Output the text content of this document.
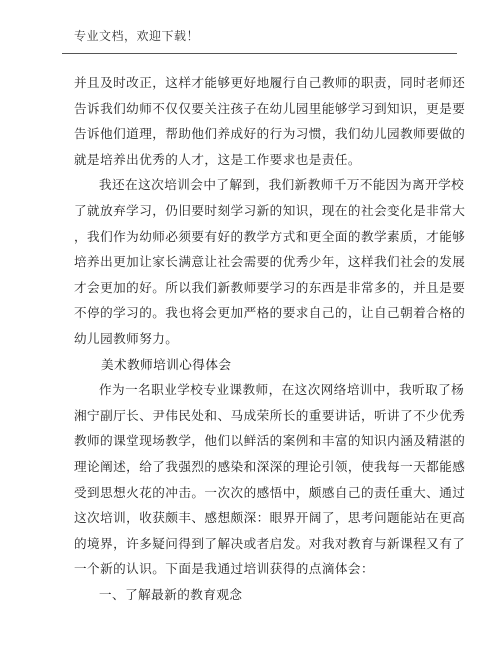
专业文档，欢迎下载！
并且及时改正，这样才能够更好地履行自己教师的职责，同时老师还
告诉我们幼师不仅仅要关注孩子在幼儿园里能够学习到知识，更是要
告诉他们道理，帮助他们养成好的行为习惯，我们幼儿园教师要做的
就是培养出优秀的人才，这是工作要求也是责任。
我还在这次培训会中了解到，我们新教师千万不能因为离开学校
了就放弃学习，仍旧要时刻学习新的知识，现在的社会变化是非常大
，我们作为幼师必须要有好的教学方式和更全面的教学素质，才能够
培养出更加让家长满意让社会需要的优秀少年，这样我们社会的发展
才会更加的好。所以我们新教师要学习的东西是非常多的，并且是要
不停的学习的。我也将会更加严格的要求自己的，让自己朝着合格的
幼儿园教师努力。
美术教师培训心得体会
作为一名职业学校专业课教师，在这次网络培训中，我听取了杨
湘宁副厅长、尹伟民处和、马成荣所长的重要讲话，听讲了不少优秀
教师的课堂现场教学，他们以鲜活的案例和丰富的知识内涵及精湛的
理论阐述，给了我强烈的感染和深深的理论引领，使我每一天都能感
受到思想火花的冲击。一次次的感悟中，颇感自己的责任重大、通过
这次培训，收获颇丰、感想颇深：眼界开阔了，思考问题能站在更高
的境界，许多疑问得到了解决或者启发。对我对教育与新课程又有了
一个新的认识。下面是我通过培训获得的点滴体会：
一、了解最新的教育观念
